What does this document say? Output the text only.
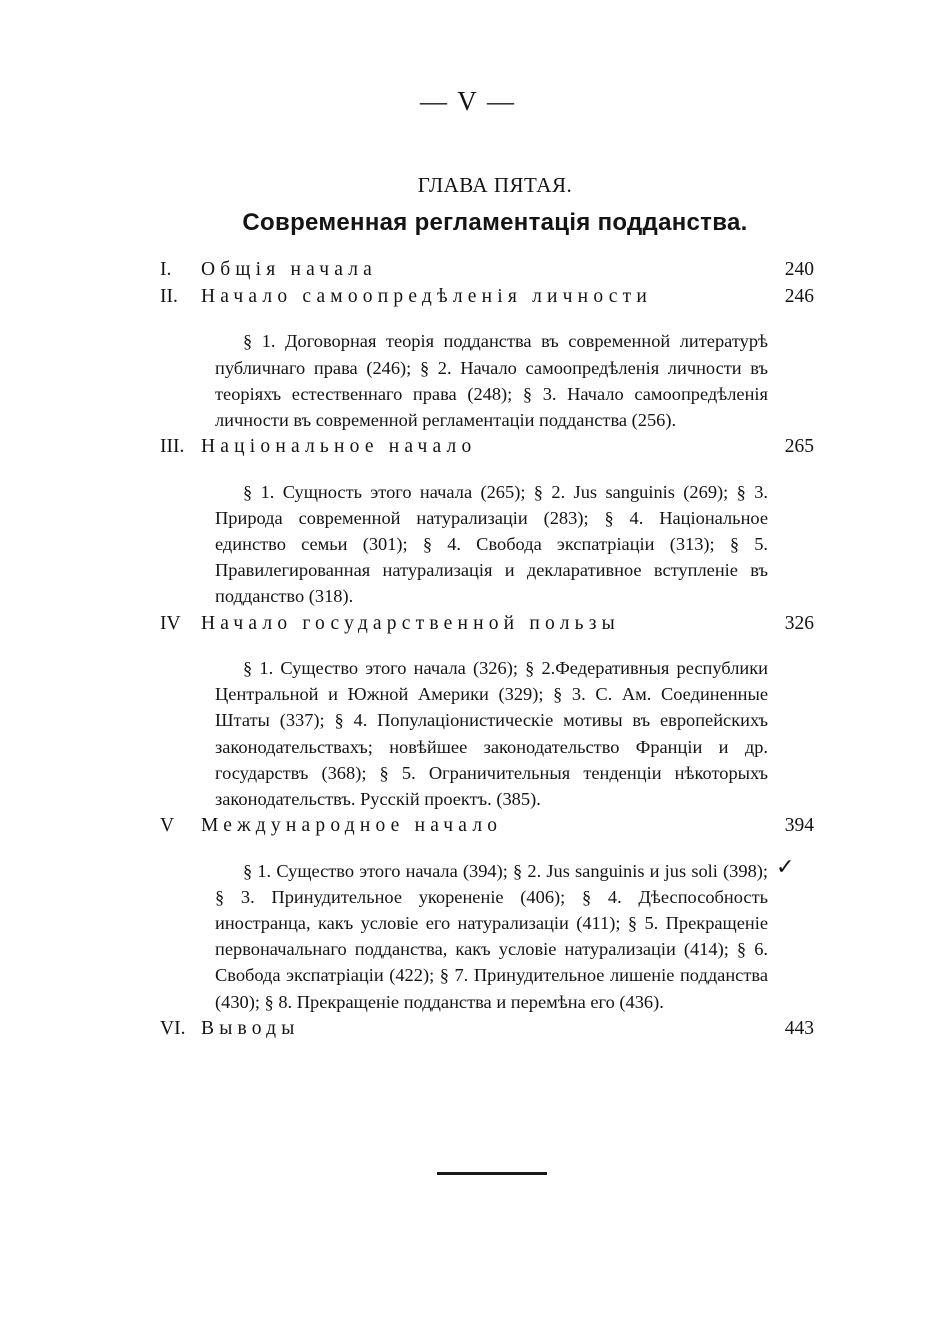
— V —
ГЛАВА ПЯТАЯ.
Современная регламентація подданства.
I.	Общія начала	240
II.	Начало самоопредѣленія личности	246

§ 1. Договорная теорія подданства въ современной литературѣ публичнаго права (246); § 2. Начало самоопредѣленія личности въ теоріяхъ естественнаго права (248); § 3. Начало самоопредѣленія личности въ современной регламентаціи подданства (256).

III. Національное начало	265

§ 1. Сущность этого начала (265); § 2. Jus sanguinis (269); § 3. Природа современной натурализаціи (283); § 4. Національное единство семьи (301); § 4. Свобода экспатріаціи (313); § 5. Правилегированная натурализація и декларативное вступленіе въ подданство (318).

IV	Начало государственной пользы	326

§ 1. Существо этого начала (326); § 2.Федеративныя республики Центральной и Южной Америки (329); § 3. С. Ам. Соединенные Штаты (337); § 4. Популаціонистическіе мотивы въ европейскихъ законодательствахъ; новѣйшее законодательство Франціи и др. государствъ (368); § 5. Ограничительныя тенденціи нѣкоторыхъ законодательствъ. Русскій проектъ. (385).

V	Международное начало	394
✓

§ 1. Существо этого начала (394); § 2. Jus sanguinis и jus soli (398); § 3. Принудительное укорененіе (406); § 4. Дѣеспособность иностранца, какъ условіе его натурализаціи (411); § 5. Прекращеніе первоначальнаго подданства, какъ условіе натурализаціи (414); § 6. Свобода экспатріаціи (422); § 7. Принудительное лишеніе подданства (430); § 8. Прекращеніе подданства и перемѣна его (436).

VI. Выводы	443
